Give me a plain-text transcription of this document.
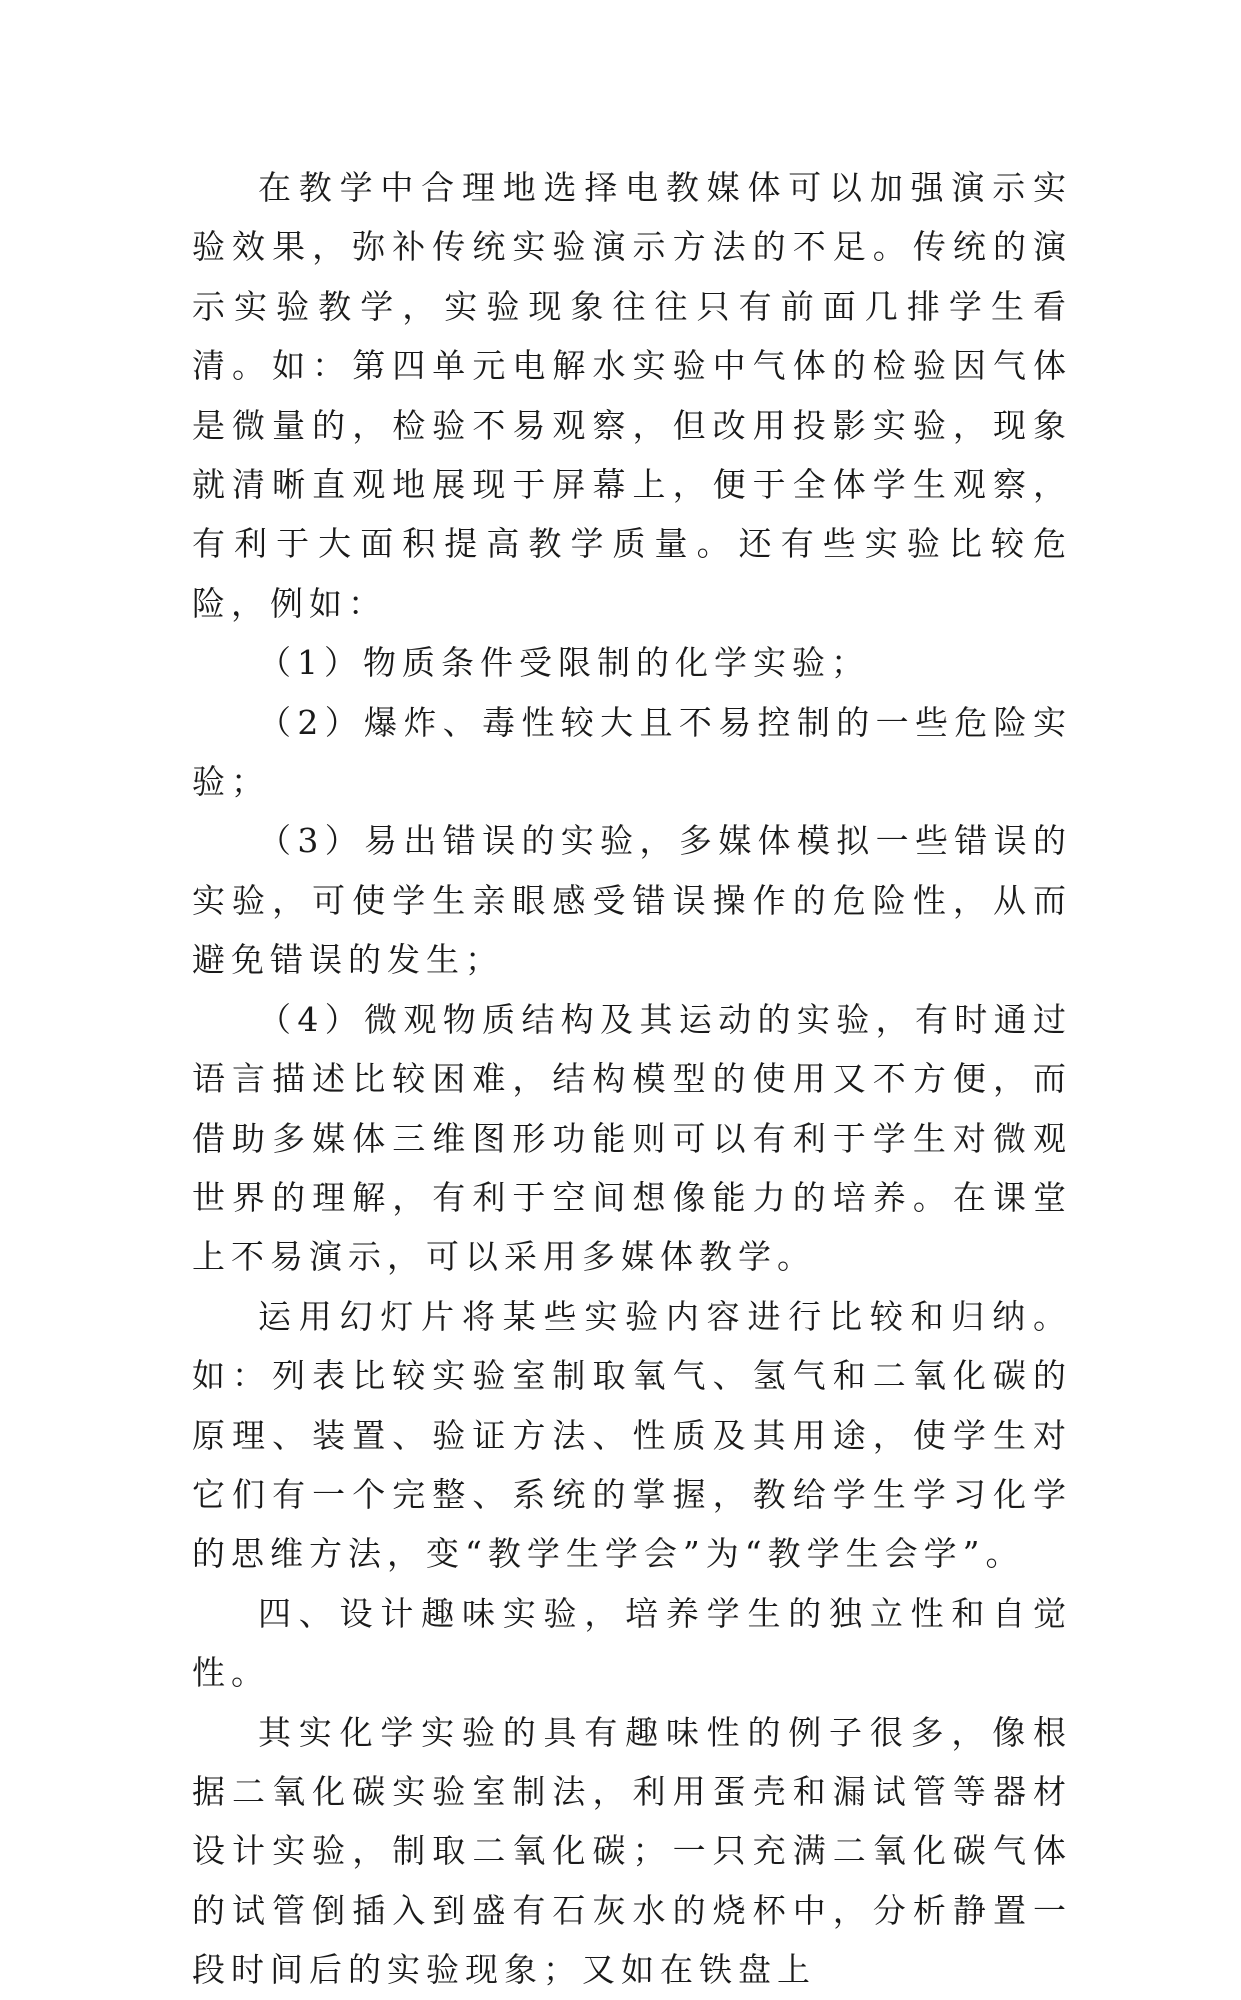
在教学中合理地选择电教媒体可以加强演示实验效果，弥补传统实验演示方法的不足。传统的演示实验教学，实验现象往往只有前面几排学生看清。如：第四单元电解水实验中气体的检验因气体是微量的，检验不易观察，但改用投影实验，现象就清晰直观地展现于屏幕上，便于全体学生观察，有利于大面积提高教学质量。还有些实验比较危险，例如：

（1）物质条件受限制的化学实验；

（2）爆炸、毒性较大且不易控制的一些危险实验；

（3）易出错误的实验，多媒体模拟一些错误的实验，可使学生亲眼感受错误操作的危险性，从而避免错误的发生；

（4）微观物质结构及其运动的实验，有时通过语言描述比较困难，结构模型的使用又不方便，而借助多媒体三维图形功能则可以有利于学生对微观世界的理解，有利于空间想像能力的培养。在课堂上不易演示，可以采用多媒体教学。

运用幻灯片将某些实验内容进行比较和归纳。如：列表比较实验室制取氧气、氢气和二氧化碳的原理、装置、验证方法、性质及其用途，使学生对它们有一个完整、系统的掌握，教给学生学习化学的思维方法，变“教学生学会”为“教学生会学”。

四、设计趣味实验，培养学生的独立性和自觉性。

其实化学实验的具有趣味性的例子很多，像根据二氧化碳实验室制法，利用蛋壳和漏试管等器材设计实验，制取二氧化碳；一只充满二氧化碳气体的试管倒插入到盛有石灰水的烧杯中，分析静置一段时间后的实验现象；又如在铁盘上
